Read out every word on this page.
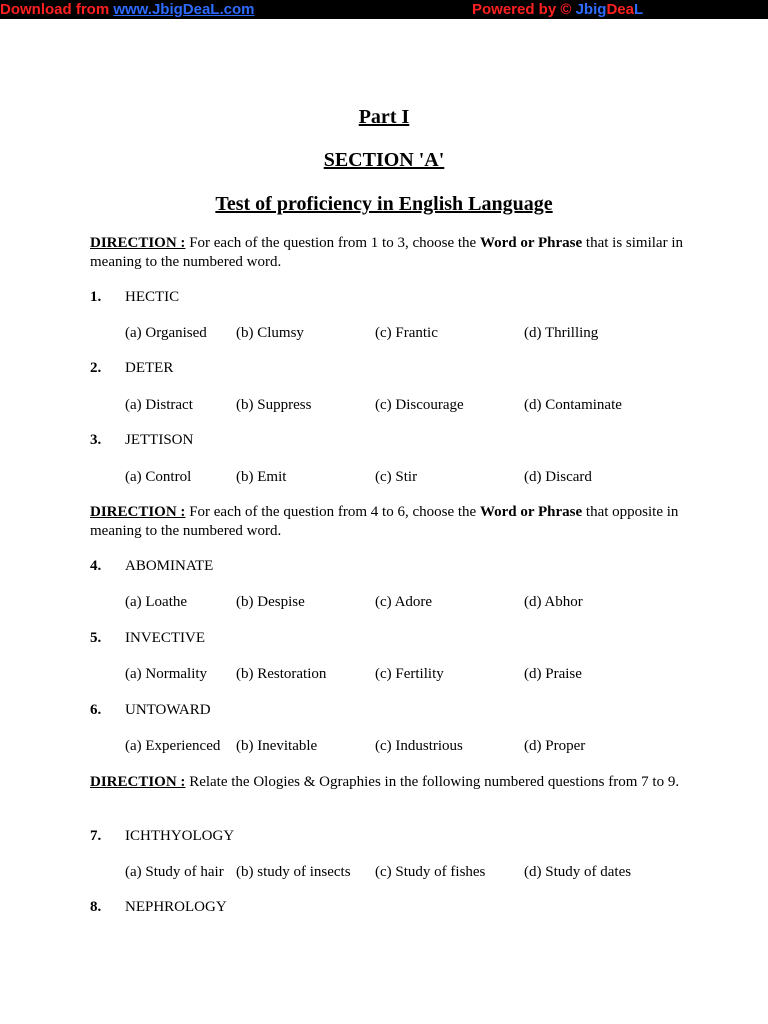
Download from www.JbigDeaL.com	Powered by © JbigDeaL
Part I
SECTION 'A'
Test of proficiency in English Language
DIRECTION : For each of the question from 1 to 3, choose the Word or Phrase that is similar in meaning to the numbered word.
1. HECTIC
(a) Organised (b) Clumsy	(c) Frantic	(d) Thrilling
2. DETER
(a) Distract	(b) Suppress	(c) Discourage	(d) Contaminate
3. JETTISON
(a) Control	(b) Emit	(c) Stir	(d) Discard
DIRECTION : For each of the question from 4 to 6, choose the Word or Phrase that opposite in meaning to the numbered word.
4. ABOMINATE
(a) Loathe	(b) Despise	(c) Adore	(d) Abhor
5. INVECTIVE
(a) Normality (b) Restoration	(c) Fertility	(d) Praise
6. UNTOWARD
(a) Experienced (b) Inevitable	(c) Industrious	(d) Proper
DIRECTION : Relate the Ologies & Ographies in the following numbered questions from 7 to 9.
7. ICHTHYOLOGY
(a) Study of hair (b) study of insects (c) Study of fishes	(d) Study of dates
8. NEPHROLOGY
